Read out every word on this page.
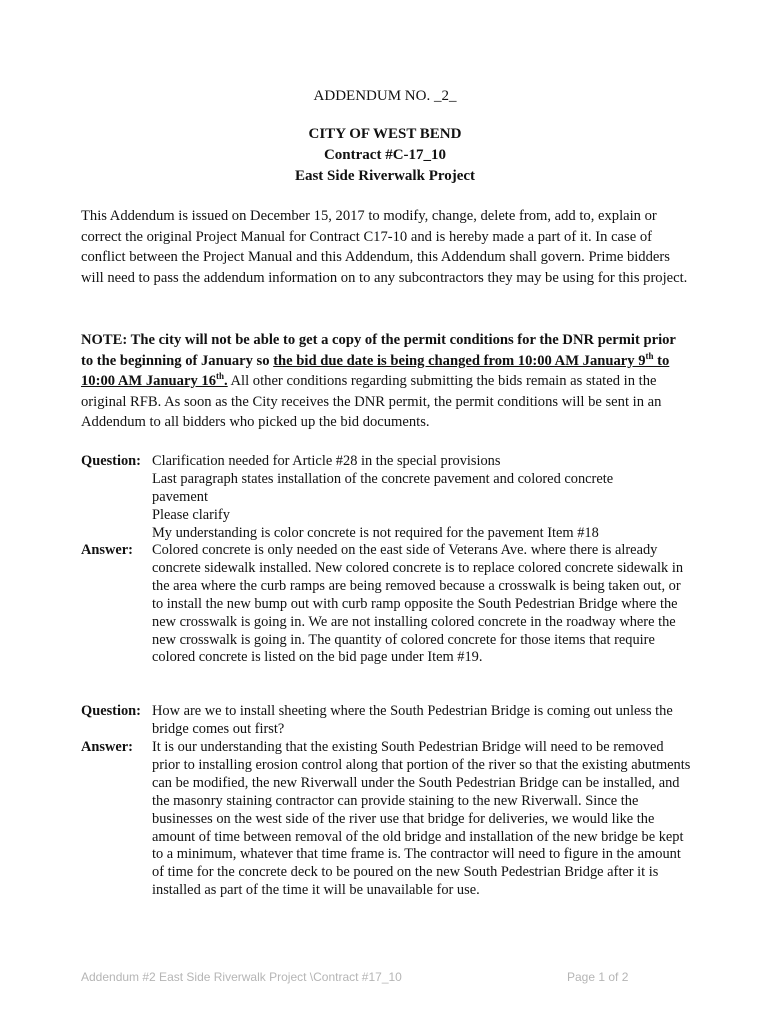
ADDENDUM NO. _2_
CITY OF WEST BEND
Contract #C-17_10
East Side Riverwalk Project
This Addendum is issued on December 15, 2017 to modify, change, delete from, add to, explain or correct the original Project Manual for Contract C17-10 and is hereby made a part of it. In case of conflict between the Project Manual and this Addendum, this Addendum shall govern. Prime bidders will need to pass the addendum information on to any subcontractors they may be using for this project.
NOTE: The city will not be able to get a copy of the permit conditions for the DNR permit prior to the beginning of January so the bid due date is being changed from 10:00 AM January 9th to 10:00 AM January 16th. All other conditions regarding submitting the bids remain as stated in the original RFB. As soon as the City receives the DNR permit, the permit conditions will be sent in an Addendum to all bidders who picked up the bid documents.
Question: Clarification needed for Article #28 in the special provisions
Last paragraph states installation of the concrete pavement and colored concrete pavement
Please clarify
My understanding is color concrete is not required for the pavement Item #18
Answer: Colored concrete is only needed on the east side of Veterans Ave. where there is already concrete sidewalk installed. New colored concrete is to replace colored concrete sidewalk in the area where the curb ramps are being removed because a crosswalk is being taken out, or to install the new bump out with curb ramp opposite the South Pedestrian Bridge where the new crosswalk is going in. We are not installing colored concrete in the roadway where the new crosswalk is going in. The quantity of colored concrete for those items that require colored concrete is listed on the bid page under Item #19.
Question: How are we to install sheeting where the South Pedestrian Bridge is coming out unless the bridge comes out first?
Answer: It is our understanding that the existing South Pedestrian Bridge will need to be removed prior to installing erosion control along that portion of the river so that the existing abutments can be modified, the new Riverwall under the South Pedestrian Bridge can be installed, and the masonry staining contractor can provide staining to the new Riverwall. Since the businesses on the west side of the river use that bridge for deliveries, we would like the amount of time between removal of the old bridge and installation of the new bridge be kept to a minimum, whatever that time frame is. The contractor will need to figure in the amount of time for the concrete deck to be poured on the new South Pedestrian Bridge after it is installed as part of the time it will be unavailable for use.
Addendum #2 East Side Riverwalk Project \Contract #17_10	Page 1 of 2
